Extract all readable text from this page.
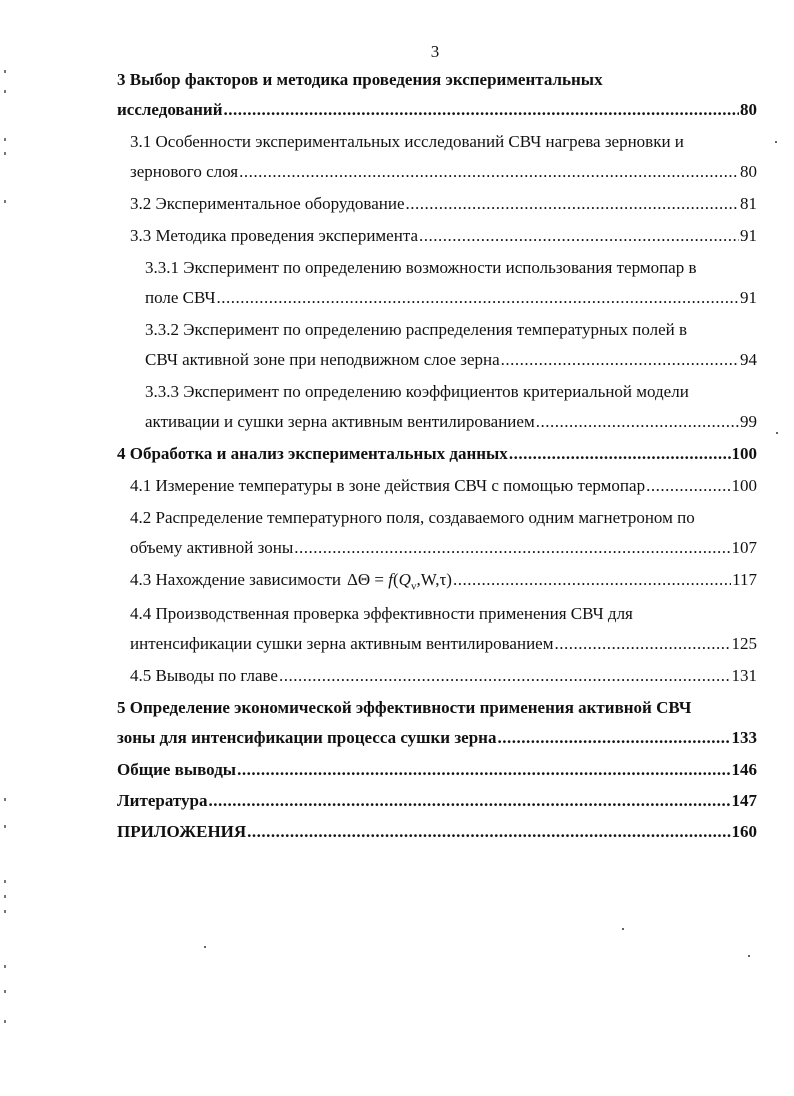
3
3 Выбор факторов и методика проведения экспериментальных
исследований .....	80
3.1 Особенности экспериментальных исследований СВЧ нагрева зерновки и
зернового слоя .....	80
3.2 Экспериментальное оборудование .....	81
3.3 Методика проведения эксперимента .....	91
3.3.1 Эксперимент по определению возможности использования термопар в
поле СВЧ .....	91
3.3.2 Эксперимент по определению распределения температурных полей в
СВЧ активной зоне при неподвижном слое зерна .....	94
3.3.3 Эксперимент по определению коэффициентов критериальной модели
активации и сушки зерна активным вентилированием .....	99
4 Обработка и анализ экспериментальных данных .....	100
4.1 Измерение температуры в зоне действия СВЧ с помощью термопар .....	100
4.2 Распределение температурного поля, создаваемого одним магнетроном по
объему активной зоны .....	107
4.3 Нахождение зависимости $\Delta\Theta = f(Q_v,W,\tau)$ .....	117
4.4 Производственная проверка эффективности применения СВЧ для
интенсификации сушки зерна активным вентилированием .....	125
4.5 Выводы по главе .....	131
5 Определение экономической эффективности применения активной СВЧ
зоны для интенсификации процесса сушки зерна .....	133
Общие выводы .....	146
Литература .....	147
ПРИЛОЖЕНИЯ .....	160
